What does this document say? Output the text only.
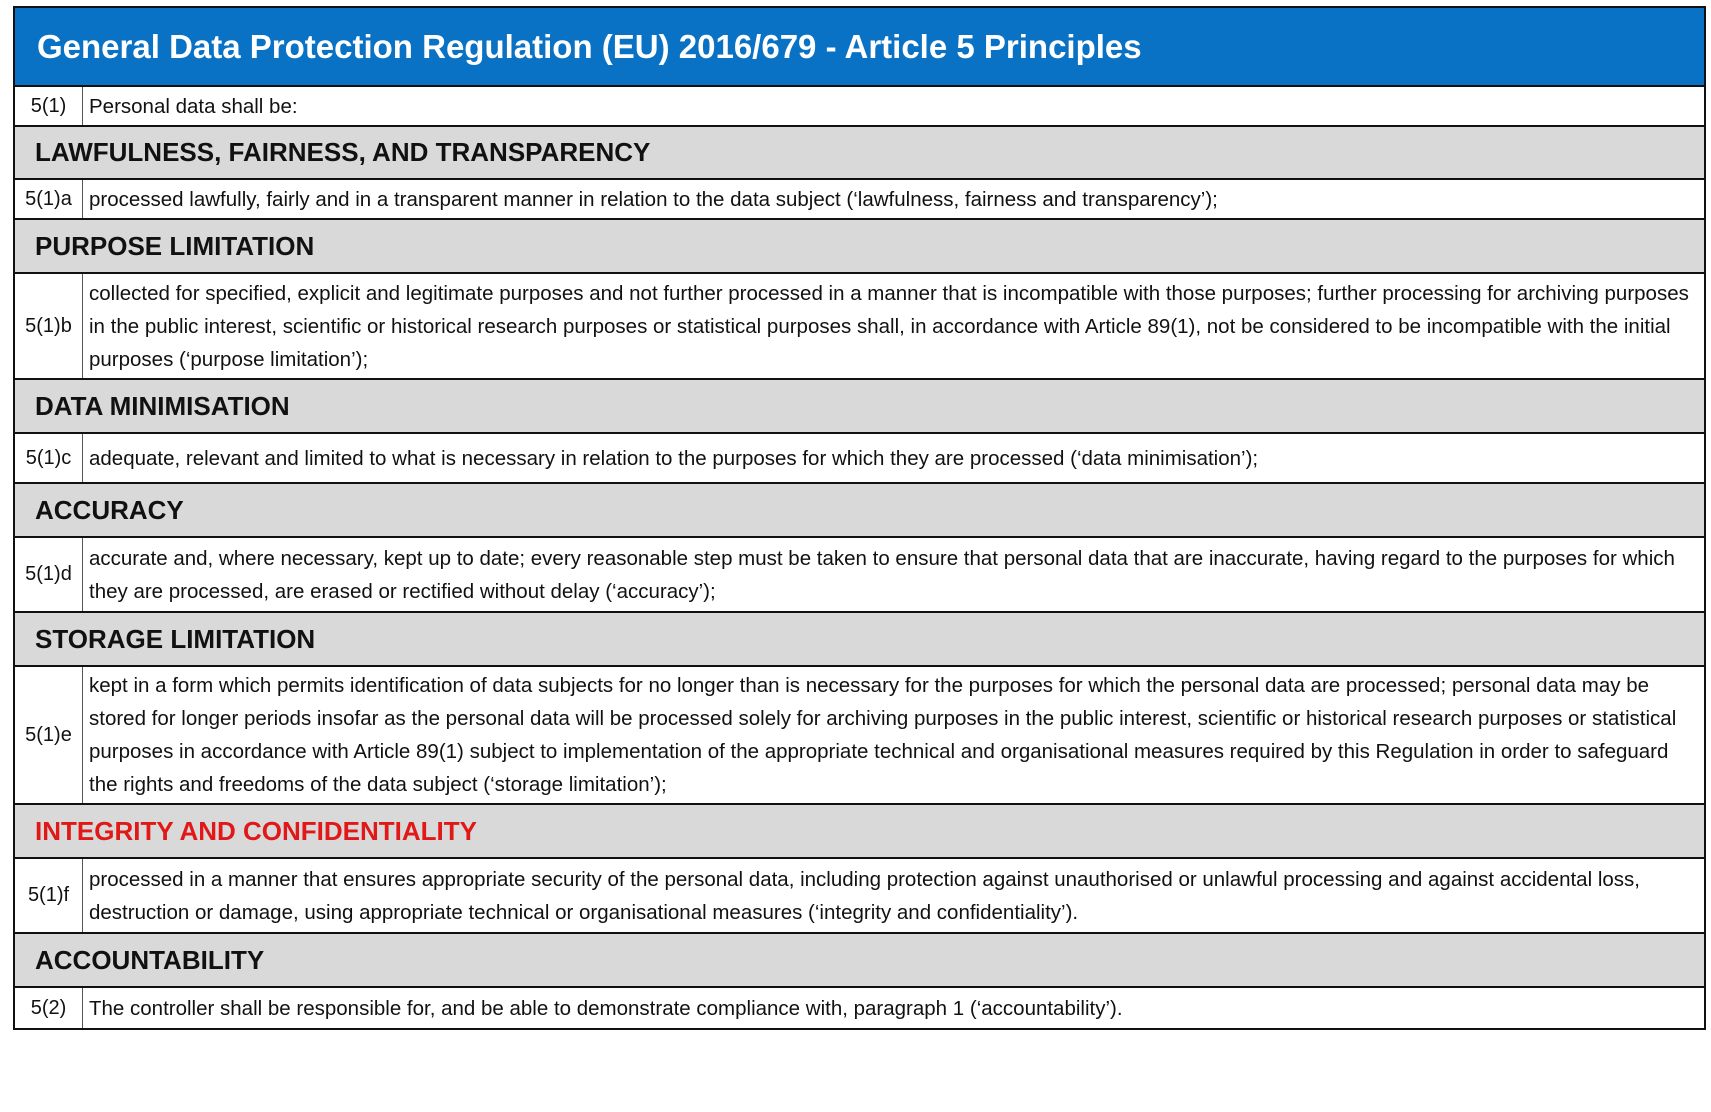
General Data Protection Regulation (EU) 2016/679 - Article 5 Principles
5(1)	Personal data shall be:
LAWFULNESS, FAIRNESS, AND TRANSPARENCY
5(1)a processed lawfully, fairly and in a transparent manner in relation to the data subject (‘lawfulness, fairness and transparency’);
PURPOSE LIMITATION
5(1)b
collected for specified, explicit and legitimate purposes and not further processed in a manner that is incompatible with those purposes; further processing for archiving purposes in the public interest, scientific or historical research purposes or statistical purposes shall, in accordance with Article 89(1), not be considered to be incompatible with the initial purposes (‘purpose limitation’);
DATA MINIMISATION
5(1)c adequate, relevant and limited to what is necessary in relation to the purposes for which they are processed (‘data minimisation’);
ACCURACY
5(1)d
accurate and, where necessary, kept up to date; every reasonable step must be taken to ensure that personal data that are inaccurate, having regard to the purposes for which they are processed, are erased or rectified without delay (‘accuracy’);
STORAGE LIMITATION
5(1)e
kept in a form which permits identification of data subjects for no longer than is necessary for the purposes for which the personal data are processed; personal data may be stored for longer periods insofar as the personal data will be processed solely for archiving purposes in the public interest, scientific or historical research purposes or statistical purposes in accordance with Article 89(1) subject to implementation of the appropriate technical and organisational measures required by this Regulation in order to safeguard the rights and freedoms of the data subject (‘storage limitation’);
INTEGRITY AND CONFIDENTIALITY
5(1)f
processed in a manner that ensures appropriate security of the personal data, including protection against unauthorised or unlawful processing and against accidental loss, destruction or damage, using appropriate technical or organisational measures (‘integrity and confidentiality’).
ACCOUNTABILITY
5(2)	The controller shall be responsible for, and be able to demonstrate compliance with, paragraph 1 (‘accountability’).
